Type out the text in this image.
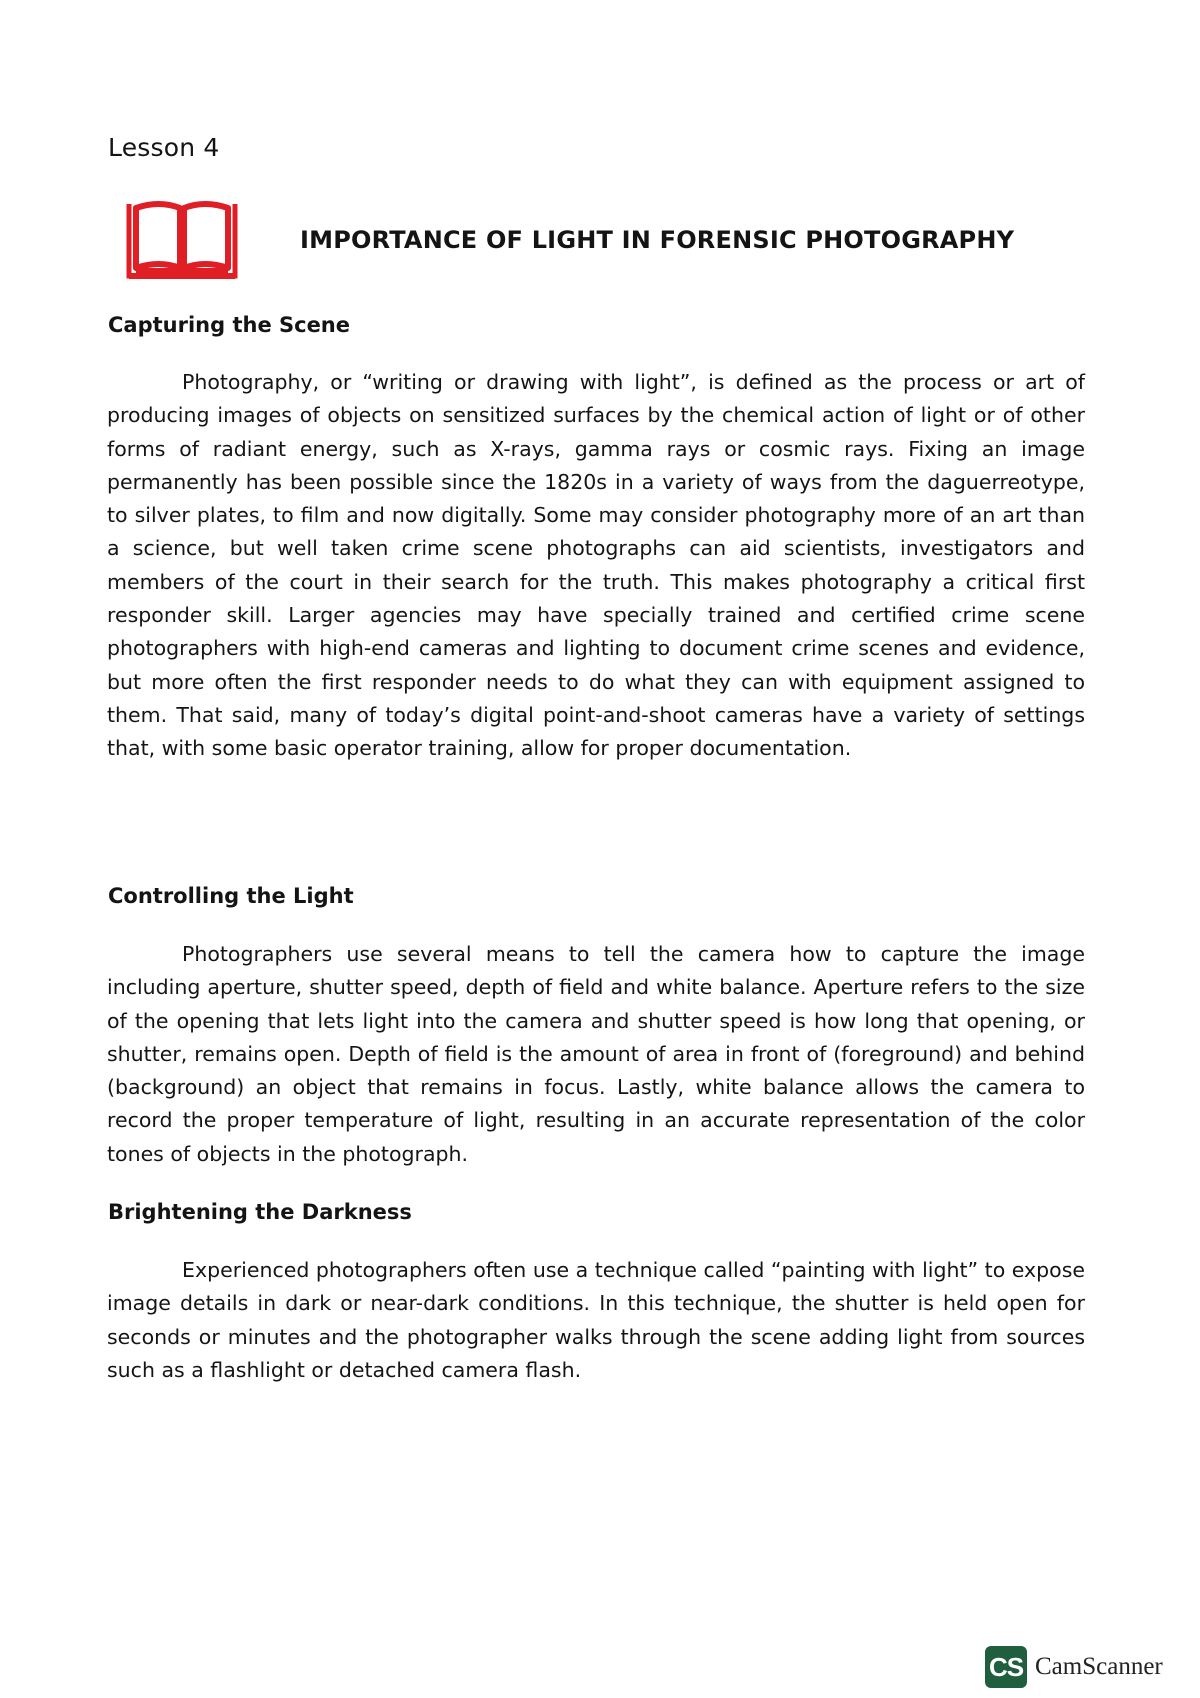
Lesson 4
IMPORTANCE OF LIGHT IN FORENSIC PHOTOGRAPHY
Capturing the Scene

Photography, or “writing or drawing with light”, is defined as the process or art of producing images of objects on sensitized surfaces by the chemical action of light or of other forms of radiant energy, such as X-rays, gamma rays or cosmic rays. Fixing an image permanently has been possible since the 1820s in a variety of ways from the daguerreotype, to silver plates, to film and now digitally. Some may consider photography more of an art than a science, but well taken crime scene photographs can aid scientists, investigators and members of the court in their search for the truth. This makes photography a critical first responder skill. Larger agencies may have specially trained and certified crime scene photographers with high-end cameras and lighting to document crime scenes and evidence, but more often the first responder needs to do what they can with equipment assigned to them. That said, many of today’s digital point-and-shoot cameras have a variety of settings that, with some basic operator training, allow for proper documentation.

Controlling the Light

Photographers use several means to tell the camera how to capture the image including aperture, shutter speed, depth of field and white balance. Aperture refers to the size of the opening that lets light into the camera and shutter speed is how long that opening, or shutter, remains open. Depth of field is the amount of area in front of (foreground) and behind (background) an object that remains in focus. Lastly, white balance allows the camera to record the proper temperature of light, resulting in an accurate representation of the color tones of objects in the photograph.

Brightening the Darkness

Experienced photographers often use a technique called “painting with light” to expose image details in dark or near-dark conditions. In this technique, the shutter is held open for seconds or minutes and the photographer walks through the scene adding light from sources such as a flashlight or detached camera flash.

CS CamScanner
